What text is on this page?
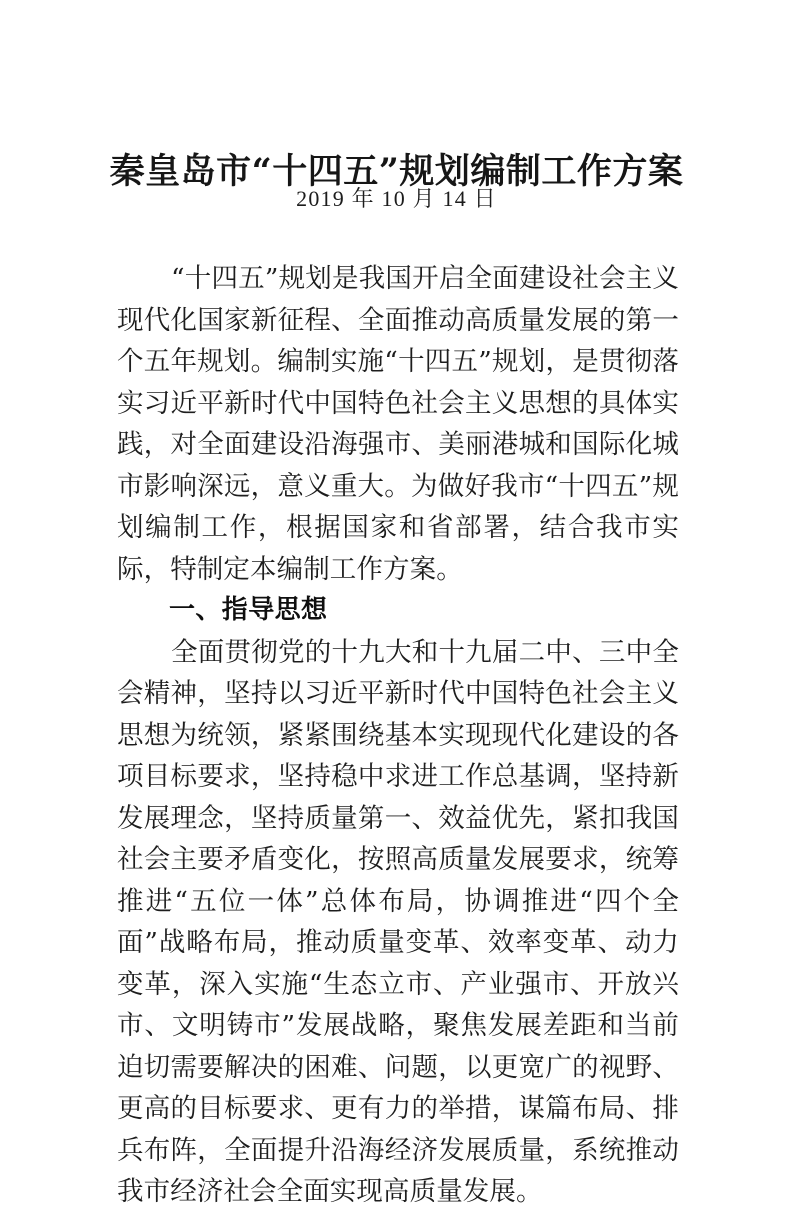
秦皇岛市“十四五”规划编制工作方案
2019 年 10 月 14 日

“十四五”规划是我国开启全面建设社会主义现代化国家新征程、全面推动高质量发展的第一个五年规划。编制实施“十四五”规划，是贯彻落实习近平新时代中国特色社会主义思想的具体实践，对全面建设沿海强市、美丽港城和国际化城市影响深远，意义重大。为做好我市“十四五”规划编制工作，根据国家和省部署，结合我市实际，特制定本编制工作方案。

一、指导思想

全面贯彻党的十九大和十九届二中、三中全会精神，坚持以习近平新时代中国特色社会主义思想为统领，紧紧围绕基本实现现代化建设的各项目标要求，坚持稳中求进工作总基调，坚持新发展理念，坚持质量第一、效益优先，紧扣我国社会主要矛盾变化，按照高质量发展要求，统筹推进“五位一体”总体布局，协调推进“四个全面”战略布局，推动质量变革、效率变革、动力变革，深入实施“生态立市、产业强市、开放兴市、文明铸市”发展战略，聚焦发展差距和当前迫切需要解决的困难、问题，以更宽广的视野、更高的目标要求、更有力的举措，谋篇布局、排兵布阵，全面提升沿海经济发展质量，系统推动我市经济社会全面实现高质量发展。
